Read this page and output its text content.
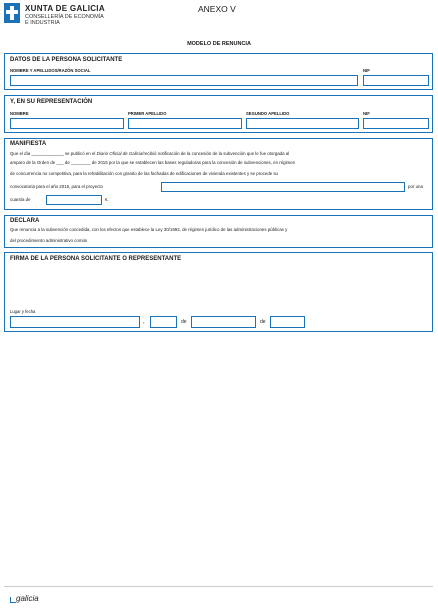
XUNTA DE GALICIA
CONSELLERÍA DE ECONOMÍA
E INDUSTRIA
ANEXO V
MODELO DE RENUNCIA
DATOS DE LA PERSONA SOLICITANTE
NOMBRE Y APELLIDOS/RAZÓN SOCIAL	NIF
Y, EN SU REPRESENTACIÓN
NOMBRE	PRIMER APELLIDO	SEGUNDO APELLIDO	NIF
MANIFIESTA
Que el día _______________ se publicó en el Diario Oficial de Galicia/recibió notificación de la concesión de la subvención que le fue otorgada al
amparo de la Orden de ___ de ________ de 2015 por la que se establecen las bases reguladoras para la concesión de subvenciones, en régimen
de concurrencia no competitiva, para la rehabilitación con granito de las fachadas de edificaciones de vivienda existentes y se procede su
convocatoria para el año 2015, para el proyecto	por una
cuantía de	€.
DECLARA
Que renuncia a la subvención concedida, con los efectos que establece la Ley 30/1992, de régimen jurídico de las administraciones públicas y
del procedimiento administrativo común
FIRMA DE LA PERSONA SOLICITANTE O REPRESENTANTE
Lugar y fecha
,	de	de
galicia
